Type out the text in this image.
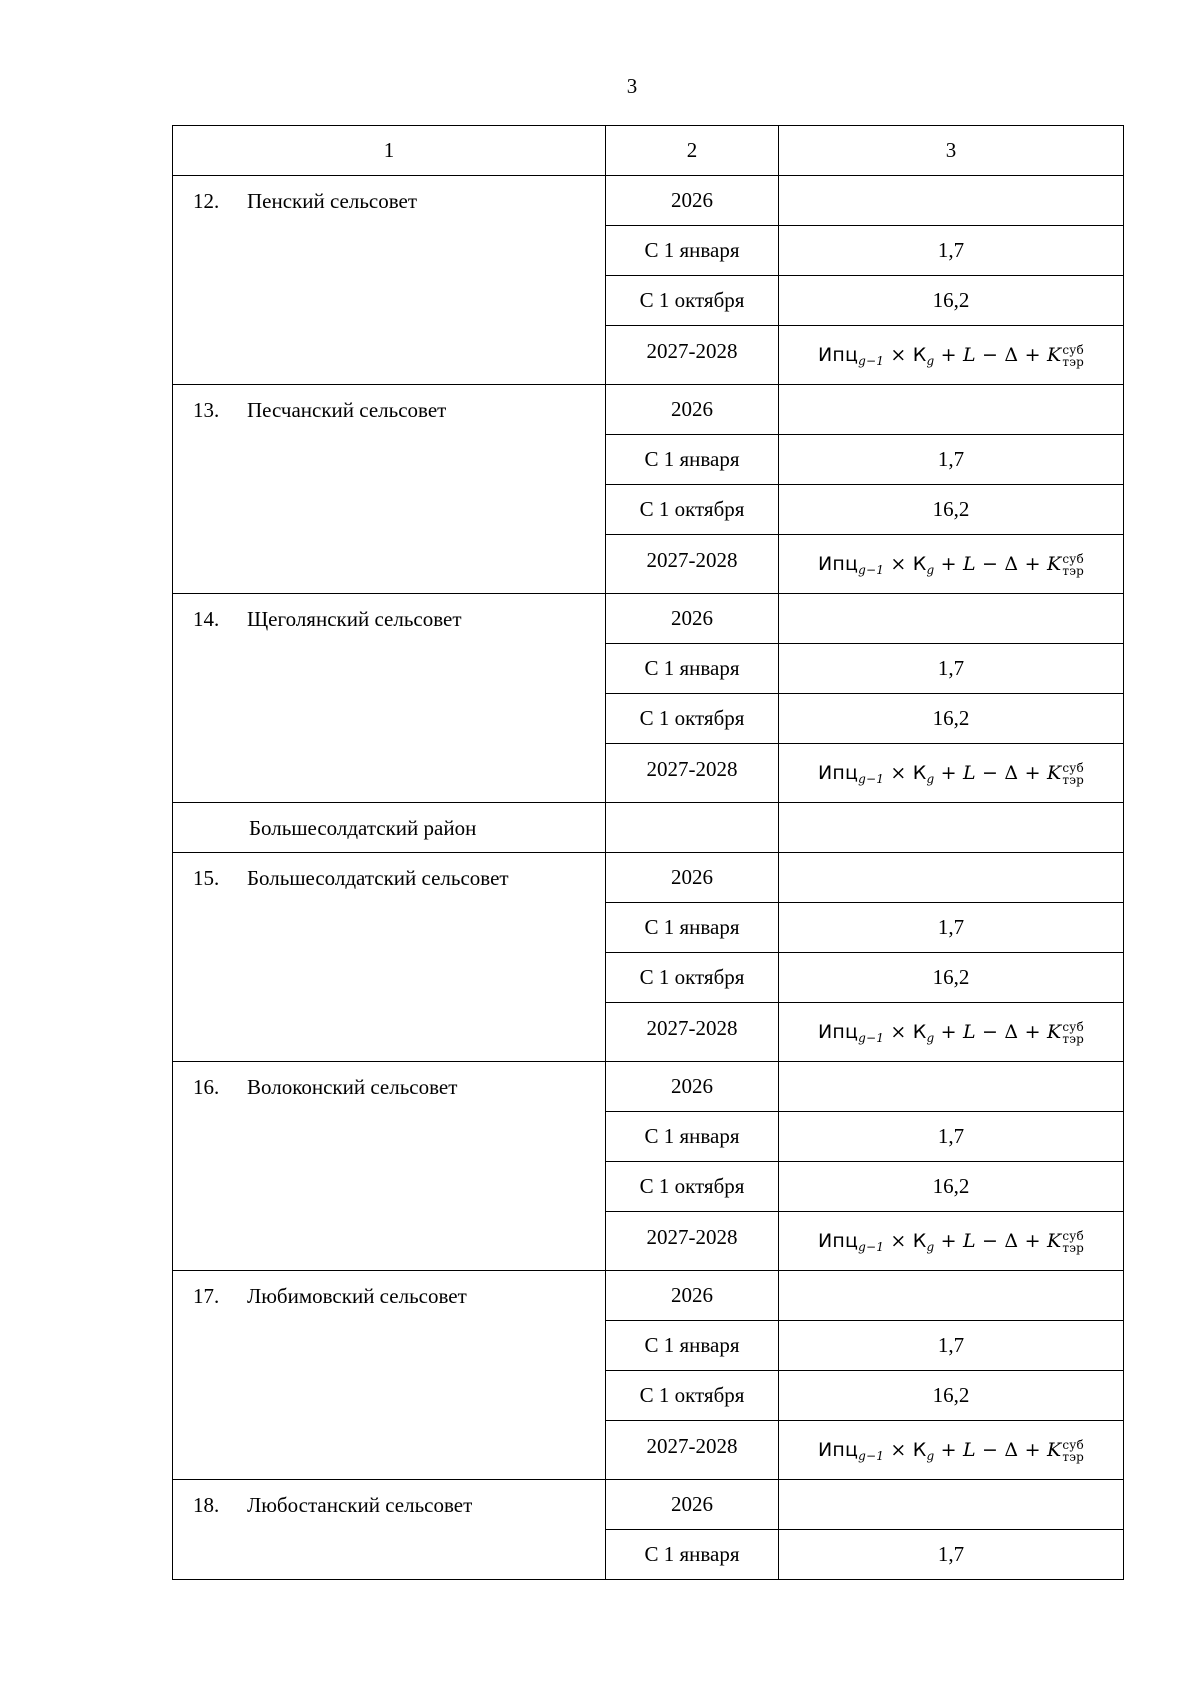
3
1	2	3
12. Пенский сельсовет	2026	
	С 1 января	1,7
	С 1 октября	16,2
	2027-2028	$Ипц_{g-1} \times К_g + L - \Delta + K$ суб
тэр

13. Песчанский сельсовет	2026	
	С 1 января	1,7
	С 1 октября	16,2
	2027-2028	$Ипц_{g-1} \times К_g + L - \Delta + K$ суб
тэр

14. Щеголянский сельсовет	2026	
	С 1 января	1,7
	С 1 октября	16,2
	2027-2028	$Ипц_{g-1} \times К_g + L - \Delta + K$ суб
тэр

Большесолдатский район		
15. Большесолдатский сельсовет	2026	
	С 1 января	1,7
	С 1 октября	16,2
	2027-2028	$Ипц_{g-1} \times К_g + L - \Delta + K$ суб
тэр

16. Волоконский сельсовет	2026	
	С 1 января	1,7
	С 1 октября	16,2
	2027-2028	$Ипц_{g-1} \times К_g + L - \Delta + K$ суб
тэр

17. Любимовский сельсовет	2026	
	С 1 января	1,7
	С 1 октября	16,2
	2027-2028	$Ипц_{g-1} \times К_g + L - \Delta + K$ суб
тэр

18. Любостанский сельсовет	2026	
	С 1 января	1,7
